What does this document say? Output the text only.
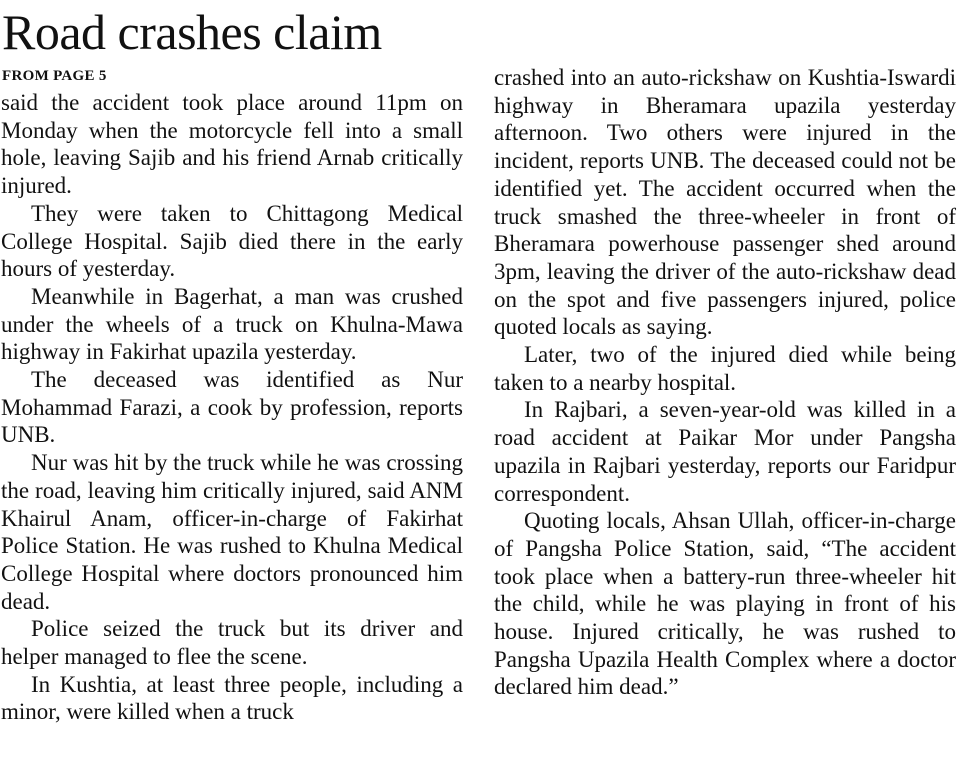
Road crashes claim
FROM PAGE 5

said the accident took place around 11pm on Monday when the motorcycle fell into a small hole, leaving Sajib and his friend Arnab critically injured.

They were taken to Chittagong Medical College Hospital. Sajib died there in the early hours of yesterday.

Meanwhile in Bagerhat, a man was crushed under the wheels of a truck on Khulna-Mawa highway in Fakirhat upazila yesterday.

The deceased was identified as Nur Mohammad Farazi, a cook by profession, reports UNB.

Nur was hit by the truck while he was crossing the road, leaving him critically injured, said ANM Khairul Anam, officer-in-charge of Fakirhat Police Station. He was rushed to Khulna Medical College Hospital where doctors pronounced him dead.

Police seized the truck but its driver and helper managed to flee the scene.

In Kushtia, at least three people, including a minor, were killed when a truck

crashed into an auto-rickshaw on Kushtia-Iswardi highway in Bheramara upazila yesterday afternoon. Two others were injured in the incident, reports UNB. The deceased could not be identified yet. The accident occurred when the truck smashed the three-wheeler in front of Bheramara powerhouse passenger shed around 3pm, leaving the driver of the auto-rickshaw dead on the spot and five passengers injured, police quoted locals as saying.

Later, two of the injured died while being taken to a nearby hospital.

In Rajbari, a seven-year-old was killed in a road accident at Paikar Mor under Pangsha upazila in Rajbari yesterday, reports our Faridpur correspondent.

Quoting locals, Ahsan Ullah, officer-in-charge of Pangsha Police Station, said, “The accident took place when a battery-run three-wheeler hit the child, while he was playing in front of his house. Injured critically, he was rushed to Pangsha Upazila Health Complex where a doctor declared him dead.”
